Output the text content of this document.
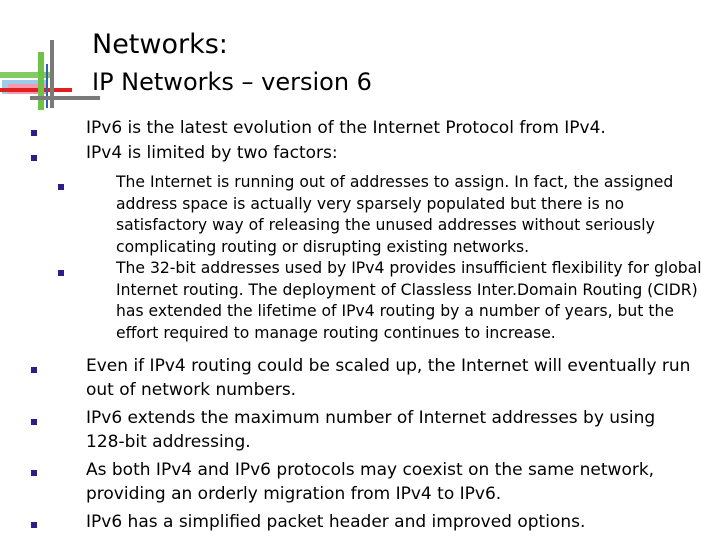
Networks:
IP Networks – version 6
IPv6 is the latest evolution of the Internet Protocol from IPv4.
IPv4 is limited by two factors:
The Internet is running out of addresses to assign. In fact, the assigned address space is actually very sparsely populated but there is no satisfactory way of releasing the unused addresses without seriously complicating routing or disrupting existing networks.
The 32-bit addresses used by IPv4 provides insufficient flexibility for global Internet routing. The deployment of Classless Inter.Domain Routing (CIDR) has extended the lifetime of IPv4 routing by a number of years, but the effort required to manage routing continues to increase.
Even if IPv4 routing could be scaled up, the Internet will eventually run out of network numbers.
IPv6 extends the maximum number of Internet addresses by using 128-bit addressing.
As both IPv4 and IPv6 protocols may coexist on the same network, providing an orderly migration from IPv4 to IPv6.
IPv6 has a simplified packet header and improved options.
